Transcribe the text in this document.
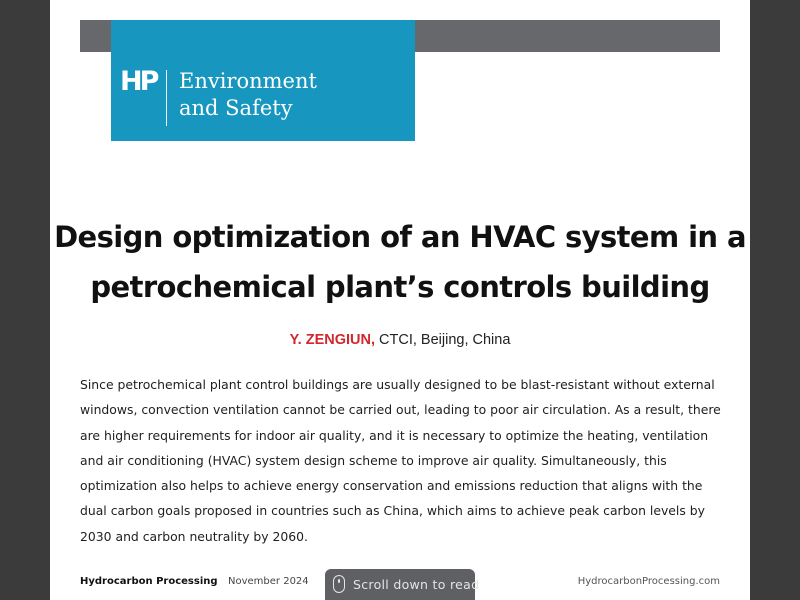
HP Environment
and Safety
Design optimization of an HVAC system in a petrochemical plant’s controls building
Y. ZENGIUN, CTCI, Beijing, China

Since petrochemical plant control buildings are usually designed to be blast-resistant without external windows, convection ventilation cannot be carried out, leading to poor air circulation. As a result, there are higher requirements for indoor air quality, and it is necessary to optimize the heating, ventilation and air conditioning (HVAC) system design scheme to improve air quality. Simultaneously, this optimization also helps to achieve energy conservation and emissions reduction that aligns with the dual carbon goals proposed in countries such as China, which aims to achieve peak carbon levels by 2030 and carbon neutrality by 2060.

Hydrocarbon Processing November 2024	HydrocarbonProcessing.com
Scroll down to read
